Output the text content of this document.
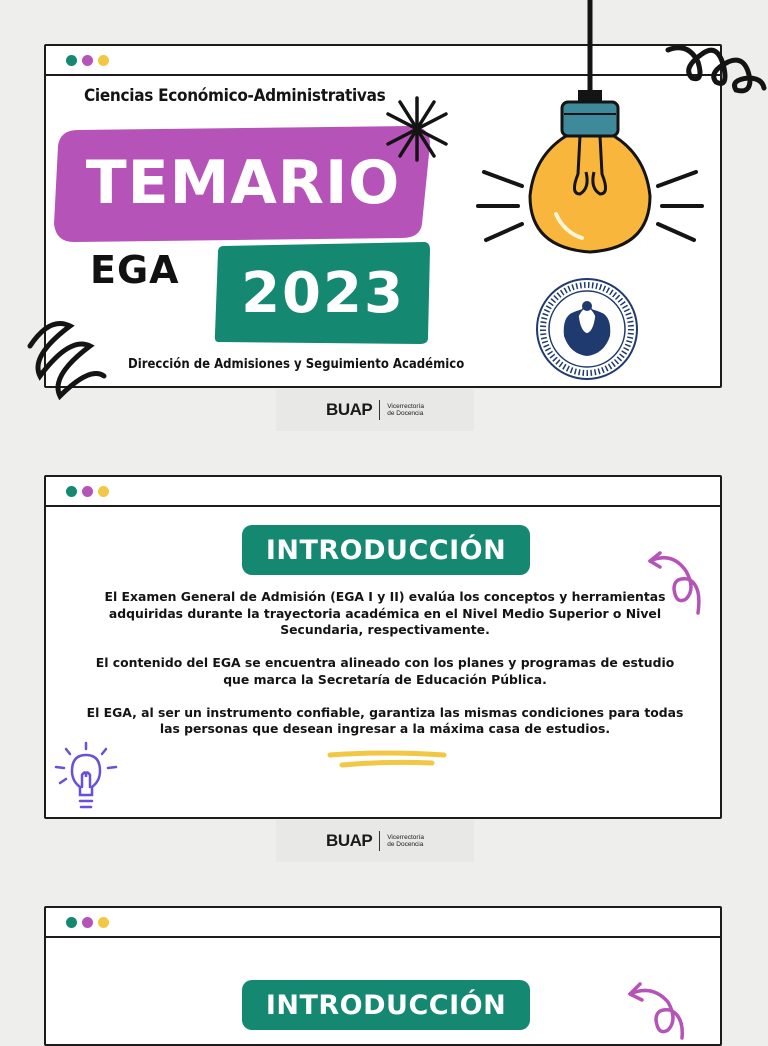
Ciencias Económico-Administrativas
TEMARIO
EGA	2023
Dirección de Admisiones y Seguimiento Académico
BUAP Vicerrectoría
de Docencia
INTRODUCCIÓN

El Examen General de Admisión (EGA I y II) evalúa los conceptos y herramientas adquiridas durante la trayectoria académica en el Nivel Medio Superior o Nivel Secundaria, respectivamente.

El contenido del EGA se encuentra alineado con los planes y programas de estudio que marca la Secretaría de Educación Pública.

El EGA, al ser un instrumento confiable, garantiza las mismas condiciones para todas las personas que desean ingresar a la máxima casa de estudios.

BUAP Vicerrectoría
de Docencia
INTRODUCCIÓN
